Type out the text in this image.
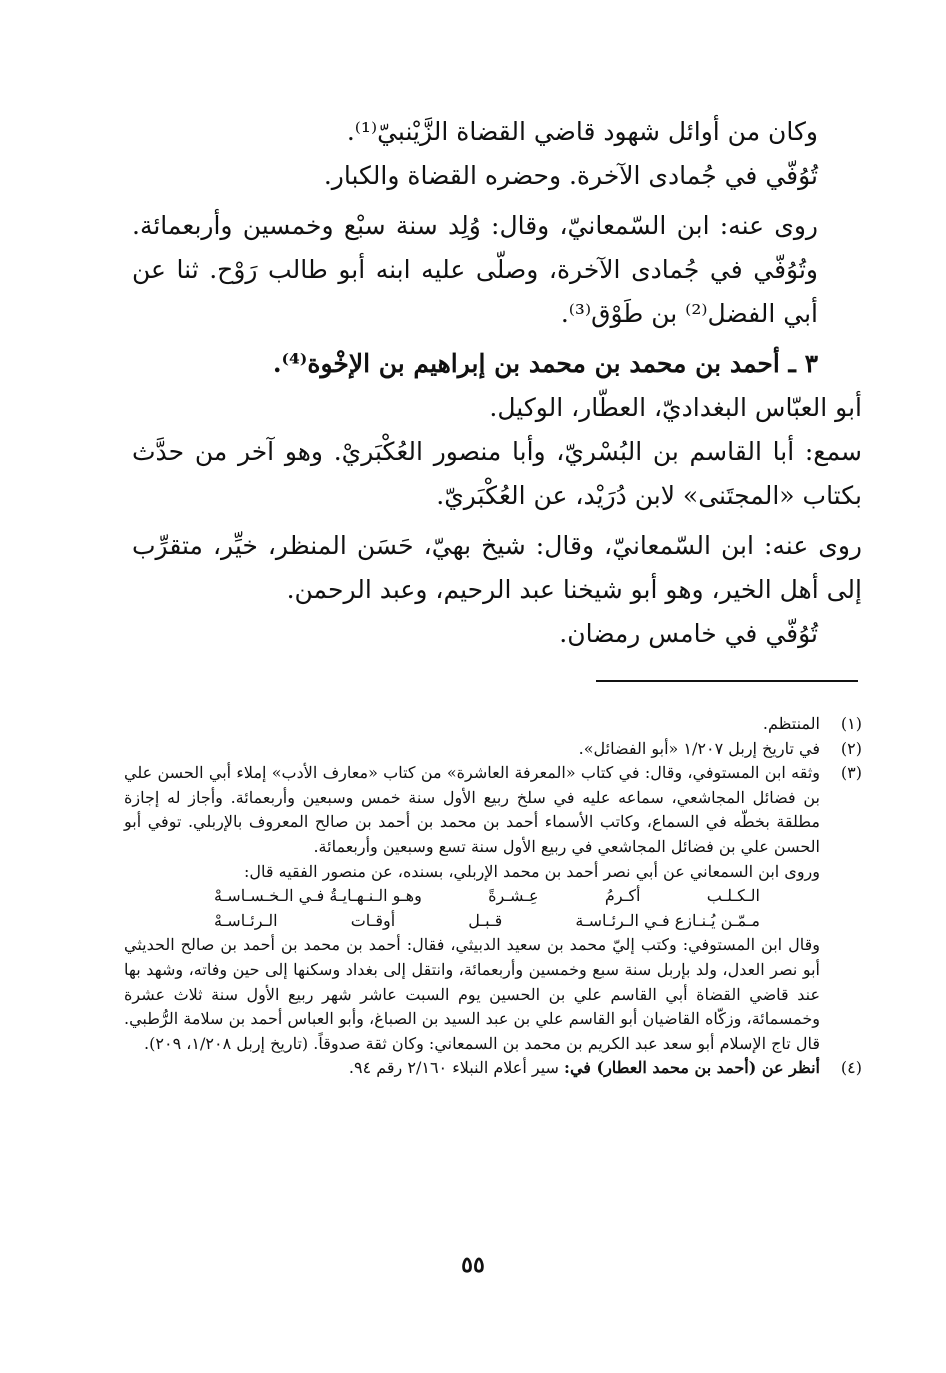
وكان من أوائل شهود قاضي القضاة الزَّيْنبيّ⁽¹⁾.

تُوُفّي في جُمادى الآخرة. وحضره القضاة والكبار.

روى عنه: ابن السّمعانيّ، وقال: وُلِد سنة سبْع وخمسين وأربعمائة. وتُوُفّي في جُمادى الآخرة، وصلّى عليه ابنه أبو طالب رَوْح. ثنا عن أبي الفضل⁽²⁾ بن طَوْق⁽³⁾.

٣ ـ أحمد بن محمد بن محمد بن إبراهيم بن الإخْوة⁽⁴⁾.

أبو العبّاس البغداديّ، العطّار، الوكيل.

سمع: أبا القاسم بن البُسْريّ، وأبا منصور العُكْبَريْ. وهو آخر من حدَّث بكتاب «المجتَنى» لابن دُرَيْد، عن العُكْبَريّ.

روى عنه: ابن السّمعانيّ، وقال: شيخ بهيّ، حَسَن المنظر، خيِّر، متقرِّب إلى أهل الخير، وهو أبو شيخنا عبد الرحيم، وعبد الرحمن.

تُوُفّي في خامس رمضان.

(١)
المنتظم.
(٢)
في تاريخ إربل ١/٢٠٧ «أبو الفضائل».
(٣)

وثقه ابن المستوفي، وقال: في كتاب «المعرفة العاشرة» من كتاب «معارف الأدب» إملاء أبي الحسن علي بن فضائل المجاشعي، سماعه عليه في سلخ ربيع الأول سنة خمس وسبعين وأربعمائة. وأجاز له إجازة مطلقة بخطّه في السماع، وكاتب الأسماء أحمد بن محمد بن أحمد بن صالح المعروف بالإربلي. توفي أبو الحسن علي بن فضائل المجاشعي في ربيع الأول سنة تسع وسبعين وأربعمائة.

وروى ابن السمعاني عن أبي نصر أحمد بن محمد الإربلي، بسنده، عن منصور الفقيه قال:

الـكـلـب
أكـرمُ
عِـشـرةً
وهـو الـنـهـايـةُ فـي الـخـسـاسـهْ
مـمّـن يُـنـازع فـي الـرئـاسـة
قـبـل
أوقـات
الـرئـاسـهْ

وقال ابن المستوفي: وكتب إليّ محمد بن سعيد الدبيثي، فقال: أحمد بن محمد بن أحمد بن صالح الحديثي أبو نصر العدل، ولد بإربل سنة سبع وخمسين وأربعمائة، وانتقل إلى بغداد وسكنها إلى حين وفاته، وشهد بها عند قاضي القضاة أبي القاسم علي بن الحسين يوم السبت عاشر شهر ربيع الأول سنة ثلاث عشرة وخمسمائة، وزكّاه القاضيان أبو القاسم علي بن عبد السيد بن الصباغ، وأبو العباس أحمد بن سلامة الرُّطبي. قال تاج الإسلام أبو سعد عبد الكريم بن محمد بن السمعاني: وكان ثقة صدوقاً. (تاريخ إربل ١/٢٠٨، ٢٠٩).

(٤)
أنظر عن (أحمد بن محمد العطار) في: سير أعلام النبلاء ٢/١٦٠ رقم ٩٤.
٥٥
